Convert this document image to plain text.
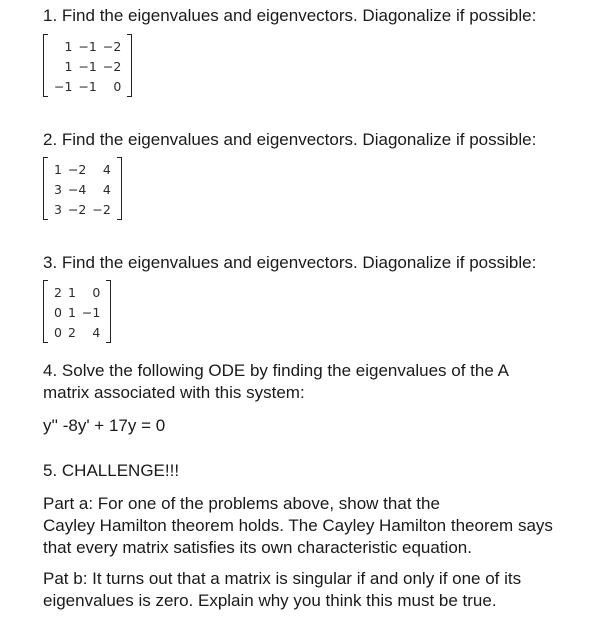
1. Find the eigenvalues and eigenvectors. Diagonalize if possible:
1	−1	−2
1	−1	−2
−1	−1	0
2. Find the eigenvalues and eigenvectors. Diagonalize if possible:
1	−2	4
3	−4	4
3	−2	−2
3. Find the eigenvalues and eigenvectors. Diagonalize if possible:
2	1	0
0	1	−1
0	2	4
4. Solve the following ODE by finding the eigenvalues of the A
matrix associated with this system:
y'' -8y' + 17y = 0
5. CHALLENGE!!!
Part a: For one of the problems above, show that the
Cayley Hamilton theorem holds. The Cayley Hamilton theorem says
that every matrix satisfies its own characteristic equation.
Pat b: It turns out that a matrix is singular if and only if one of its
eigenvalues is zero. Explain why you think this must be true.
